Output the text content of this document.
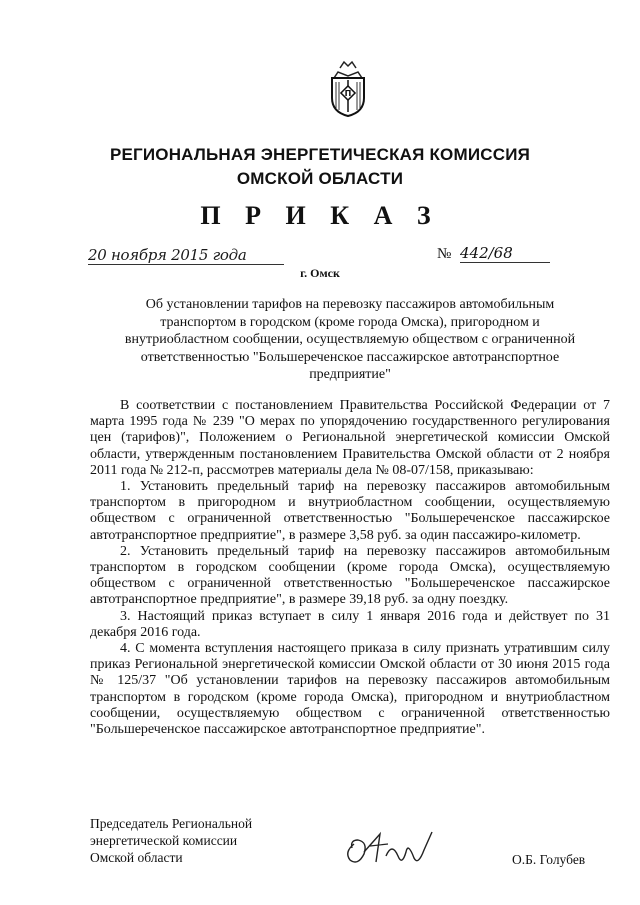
П
РЕГИОНАЛЬНАЯ ЭНЕРГЕТИЧЕСКАЯ КОМИССИЯ
ОМСКОЙ ОБЛАСТИ
П Р И К А З
20 ноября 2015 года	№ 442/68
г. Омск
Об установлении тарифов на перевозку пассажиров автомобильным транспортом в городском (кроме города Омска), пригородном и внутриобластном сообщении, осуществляемую обществом с ограниченной ответственностью "Большереченское пассажирское автотранспортное предприятие"

В соответствии с постановлением Правительства Российской Федерации от 7 марта 1995 года № 239 "О мерах по упорядочению государственного регулирования цен (тарифов)", Положением о Региональной энергетической комиссии Омской области, утвержденным постановлением Правительства Омской области от 2 ноября 2011 года № 212-п, рассмотрев материалы дела № 08-07/158, приказываю:

1. Установить предельный тариф на перевозку пассажиров автомобильным транспортом в пригородном и внутриобластном сообщении, осуществляемую обществом с ограниченной ответственностью "Большереченское пассажирское автотранспортное предприятие", в размере 3,58 руб. за один пассажиро-километр.

2. Установить предельный тариф на перевозку пассажиров автомобильным транспортом в городском сообщении (кроме города Омска), осуществляемую обществом с ограниченной ответственностью "Большереченское пассажирское автотранспортное предприятие", в размере 39,18 руб. за одну поездку.

3. Настоящий приказ вступает в силу 1 января 2016 года и действует по 31 декабря 2016 года.

4. С момента вступления настоящего приказа в силу признать утратившим силу приказ Региональной энергетической комиссии Омской области от 30 июня 2015 года № 125/37 "Об установлении тарифов на перевозку пассажиров автомобильным транспортом в городском (кроме города Омска), пригородном и внутриобластном сообщении, осуществляемую обществом с ограниченной ответственностью "Большереченское пассажирское автотранспортное предприятие".

Председатель Региональной
энергетической комиссии
Омской области	О.Б. Голубев
